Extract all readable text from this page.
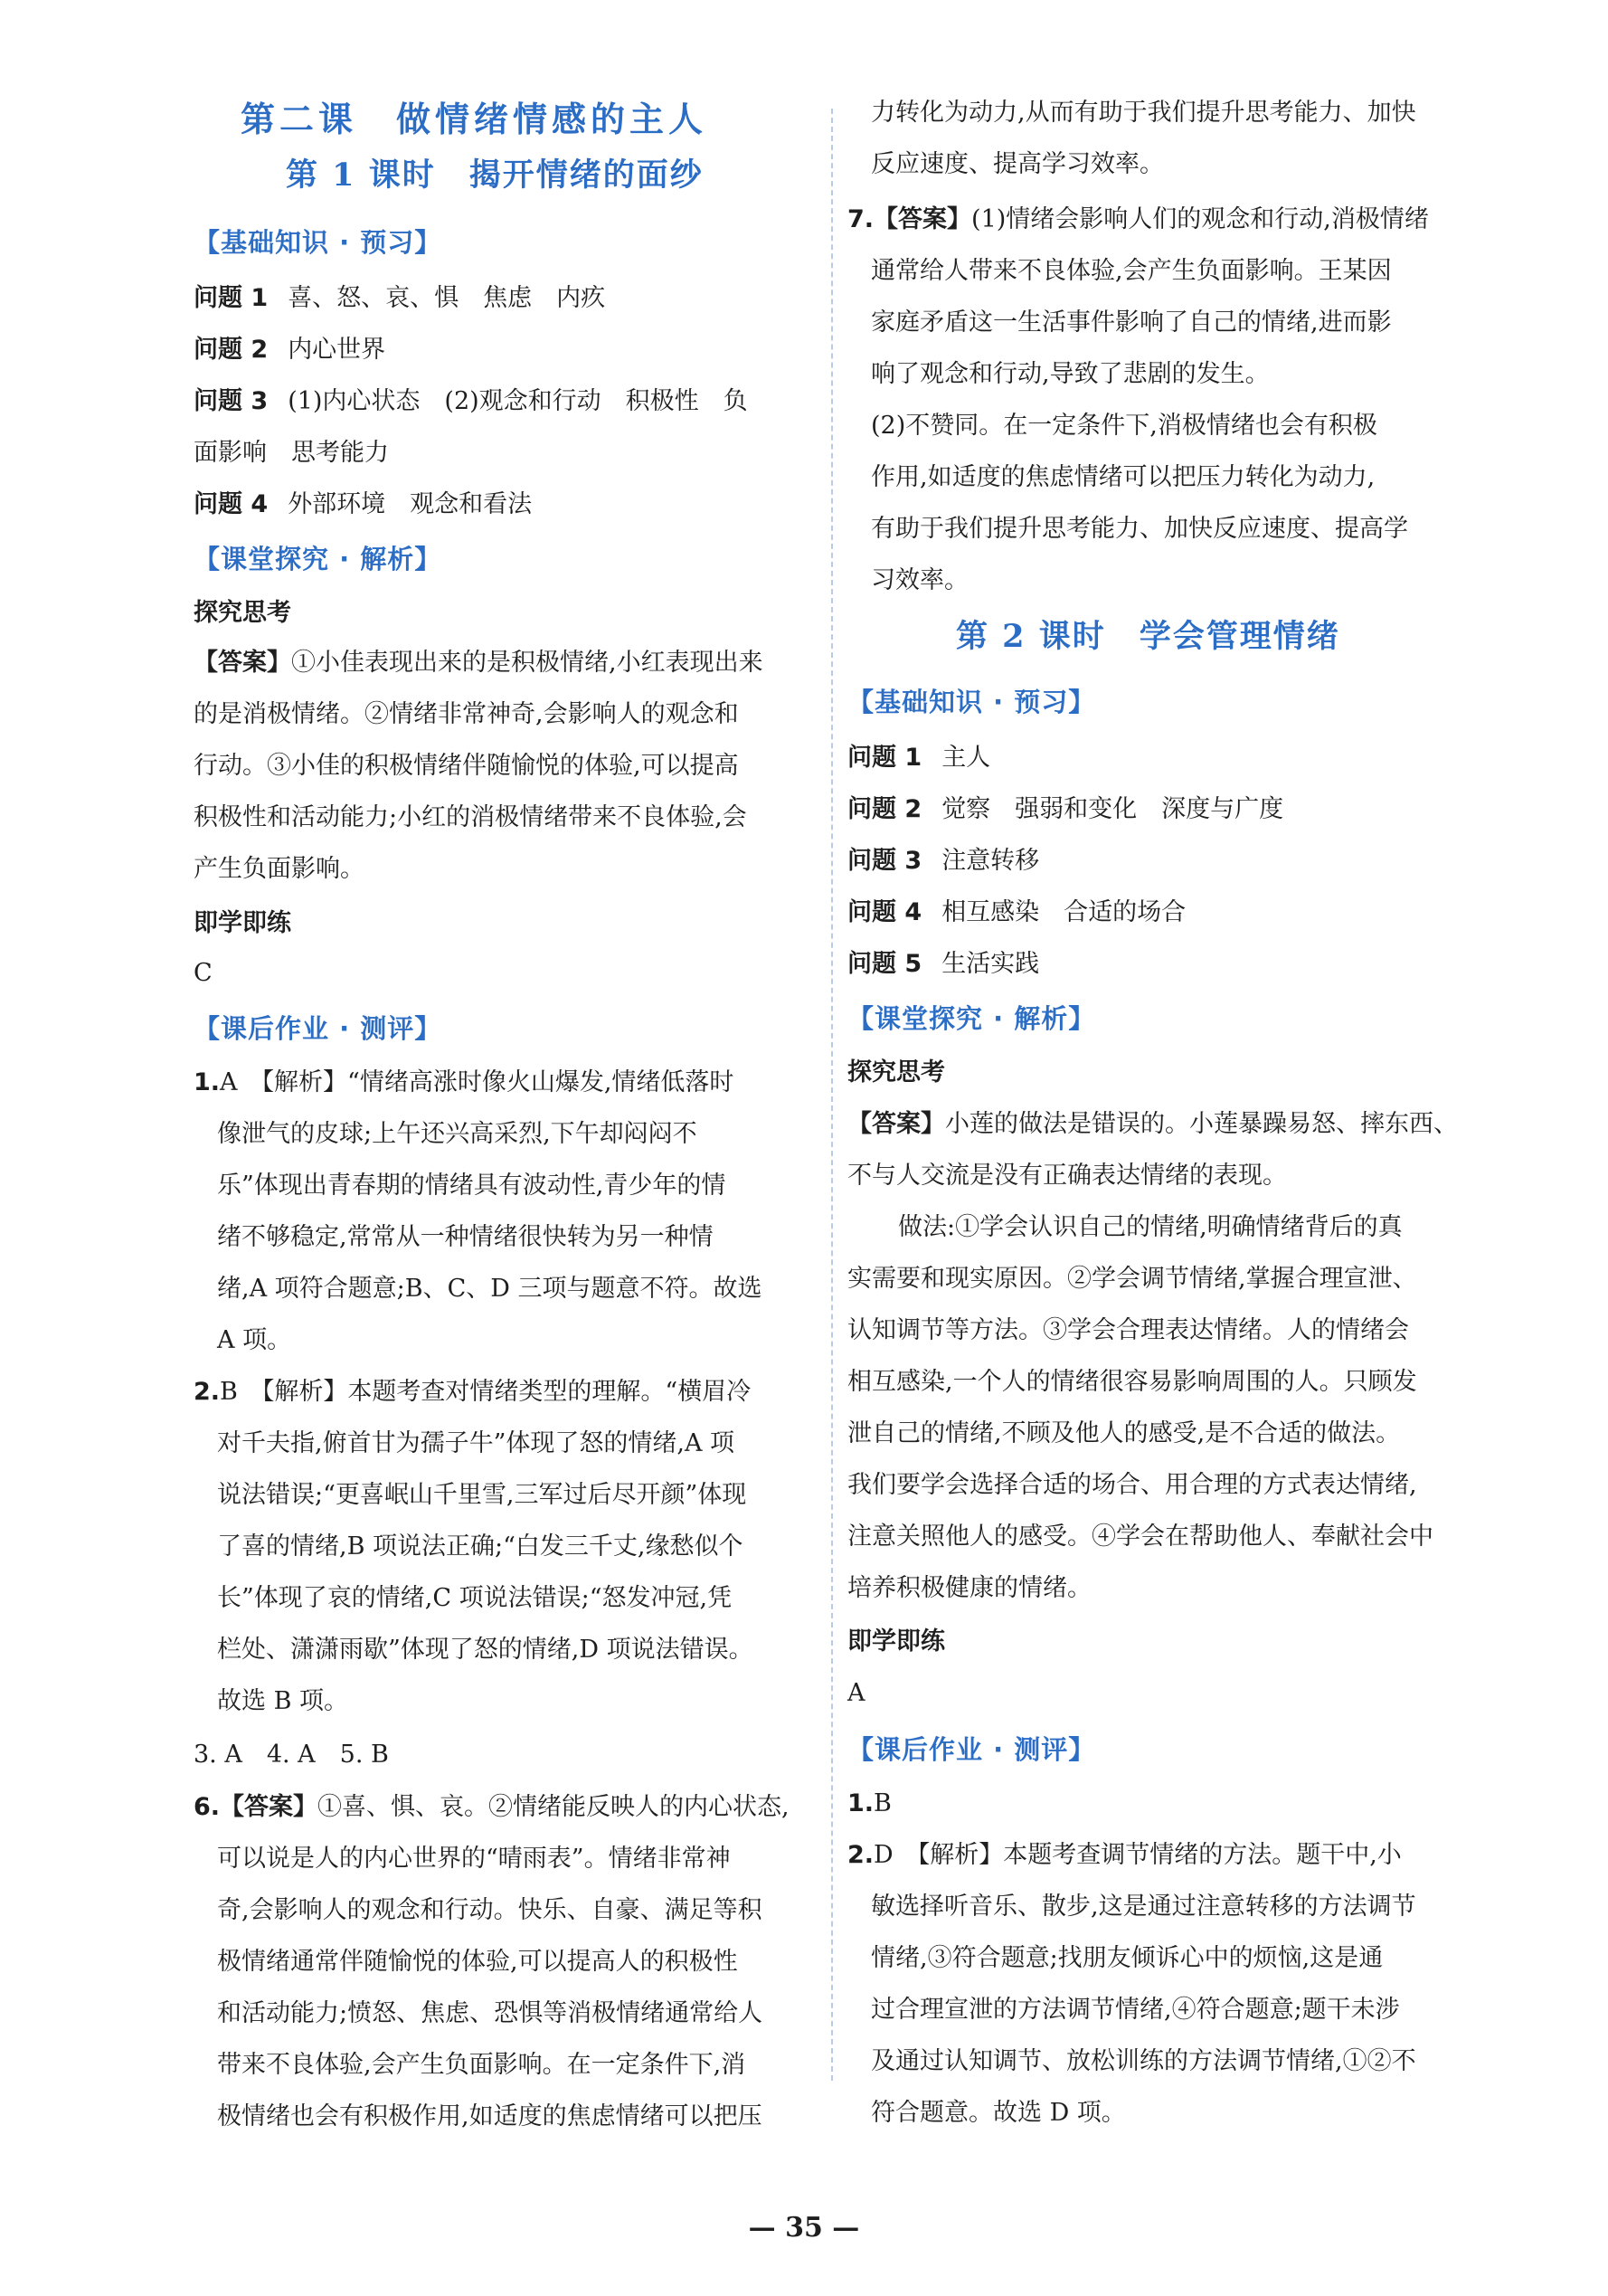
第二课　做情绪情感的主人
第 1 课时　揭开情绪的面纱
【基础知识 · 预习】
问题 1 喜、怒、哀、惧　焦虑　内疚
问题 2 内心世界
问题 3 (1)内心状态　(2)观念和行动　积极性　负
面影响　思考能力
问题 4 外部环境　观念和看法
【课堂探究 · 解析】
探究思考
【答案】①小佳表现出来的是积极情绪,小红表现出来
的是消极情绪。②情绪非常神奇,会影响人的观念和
行动。③小佳的积极情绪伴随愉悦的体验,可以提高
积极性和活动能力;小红的消极情绪带来不良体验,会
产生负面影响。
即学即练
C
【课后作业 · 测评】
1.A　【解析】“情绪高涨时像火山爆发,情绪低落时
像泄气的皮球;上午还兴高采烈,下午却闷闷不
乐”体现出青春期的情绪具有波动性,青少年的情
绪不够稳定,常常从一种情绪很快转为另一种情
绪,A 项符合题意;B、C、D 三项与题意不符。故选
A 项。
2.B　【解析】本题考查对情绪类型的理解。“横眉冷
对千夫指,俯首甘为孺子牛”体现了怒的情绪,A 项
说法错误;“更喜岷山千里雪,三军过后尽开颜”体现
了喜的情绪,B 项说法正确;“白发三千丈,缘愁似个
长”体现了哀的情绪,C 项说法错误;“怒发冲冠,凭
栏处、潇潇雨歇”体现了怒的情绪,D 项说法错误。
故选 B 项。
3. A　4. A　5. B
6.【答案】①喜、惧、哀。②情绪能反映人的内心状态,
可以说是人的内心世界的“晴雨表”。情绪非常神
奇,会影响人的观念和行动。快乐、自豪、满足等积
极情绪通常伴随愉悦的体验,可以提高人的积极性
和活动能力;愤怒、焦虑、恐惧等消极情绪通常给人
带来不良体验,会产生负面影响。在一定条件下,消
极情绪也会有积极作用,如适度的焦虑情绪可以把压
力转化为动力,从而有助于我们提升思考能力、加快
反应速度、提高学习效率。
7.【答案】(1)情绪会影响人们的观念和行动,消极情绪
通常给人带来不良体验,会产生负面影响。王某因
家庭矛盾这一生活事件影响了自己的情绪,进而影
响了观念和行动,导致了悲剧的发生。
(2)不赞同。在一定条件下,消极情绪也会有积极
作用,如适度的焦虑情绪可以把压力转化为动力,
有助于我们提升思考能力、加快反应速度、提高学
习效率。
第 2 课时　学会管理情绪
【基础知识 · 预习】
问题 1 主人
问题 2 觉察　强弱和变化　深度与广度
问题 3 注意转移
问题 4 相互感染　合适的场合
问题 5 生活实践
【课堂探究 · 解析】
探究思考
【答案】小莲的做法是错误的。小莲暴躁易怒、摔东西、
不与人交流是没有正确表达情绪的表现。
做法:①学会认识自己的情绪,明确情绪背后的真
实需要和现实原因。②学会调节情绪,掌握合理宣泄、
认知调节等方法。③学会合理表达情绪。人的情绪会
相互感染,一个人的情绪很容易影响周围的人。只顾发
泄自己的情绪,不顾及他人的感受,是不合适的做法。
我们要学会选择合适的场合、用合理的方式表达情绪,
注意关照他人的感受。④学会在帮助他人、奉献社会中
培养积极健康的情绪。
即学即练
A
【课后作业 · 测评】
1.B
2.D　【解析】本题考查调节情绪的方法。题干中,小
敏选择听音乐、散步,这是通过注意转移的方法调节
情绪,③符合题意;找朋友倾诉心中的烦恼,这是通
过合理宣泄的方法调节情绪,④符合题意;题干未涉
及通过认知调节、放松训练的方法调节情绪,①②不
符合题意。故选 D 项。
— 35 —
